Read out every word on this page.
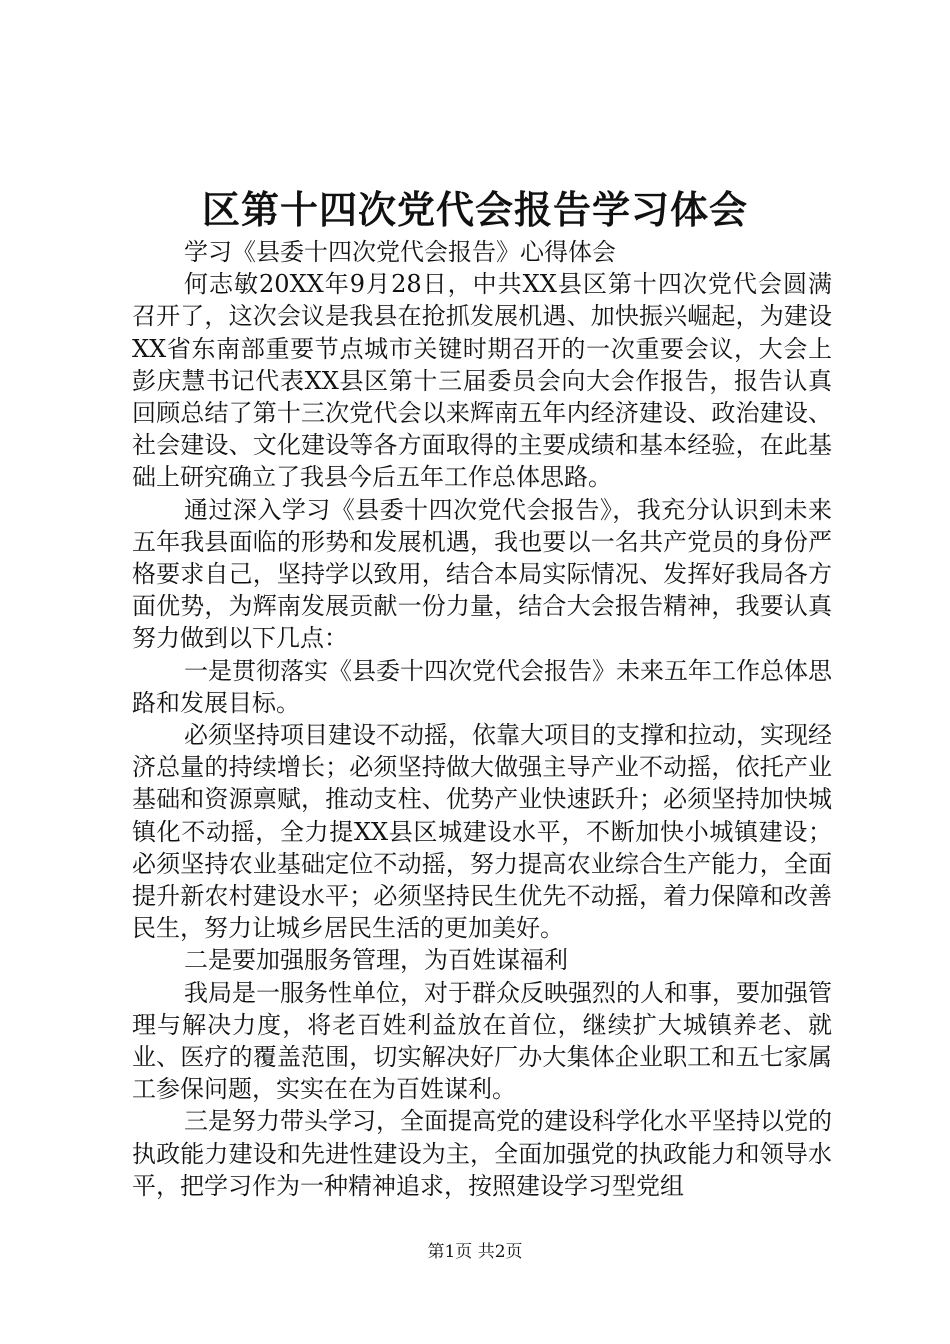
区第十四次党代会报告学习体会

学习《县委十四次党代会报告》心得体会

何志敏20XX年9月28日，中共XX县区第十四次党代会圆满召开了，这次会议是我县在抢抓发展机遇、加快振兴崛起，为建设XX省东南部重要节点城市关键时期召开的一次重要会议，大会上彭庆慧书记代表XX县区第十三届委员会向大会作报告，报告认真回顾总结了第十三次党代会以来辉南五年内经济建设、政治建设、社会建设、文化建设等各方面取得的主要成绩和基本经验，在此基础上研究确立了我县今后五年工作总体思路。

通过深入学习《县委十四次党代会报告》，我充分认识到未来五年我县面临的形势和发展机遇，我也要以一名共产党员的身份严格要求自己，坚持学以致用，结合本局实际情况、发挥好我局各方面优势，为辉南发展贡献一份力量，结合大会报告精神，我要认真努力做到以下几点：

一是贯彻落实《县委十四次党代会报告》未来五年工作总体思路和发展目标。

必须坚持项目建设不动摇，依靠大项目的支撑和拉动，实现经济总量的持续增长；必须坚持做大做强主导产业不动摇，依托产业基础和资源禀赋，推动支柱、优势产业快速跃升；必须坚持加快城镇化不动摇，全力提XX县区城建设水平，不断加快小城镇建设；必须坚持农业基础定位不动摇，努力提高农业综合生产能力，全面提升新农村建设水平；必须坚持民生优先不动摇，着力保障和改善民生，努力让城乡居民生活的更加美好。

二是要加强服务管理，为百姓谋福利

我局是一服务性单位，对于群众反映强烈的人和事，要加强管理与解决力度，将老百姓利益放在首位，继续扩大城镇养老、就业、医疗的覆盖范围，切实解决好厂办大集体企业职工和五七家属工参保问题，实实在在为百姓谋利。

三是努力带头学习，全面提高党的建设科学化水平坚持以党的执政能力建设和先进性建设为主，全面加强党的执政能力和领导水平，把学习作为一种精神追求，按照建设学习型党组

第1页 共2页
